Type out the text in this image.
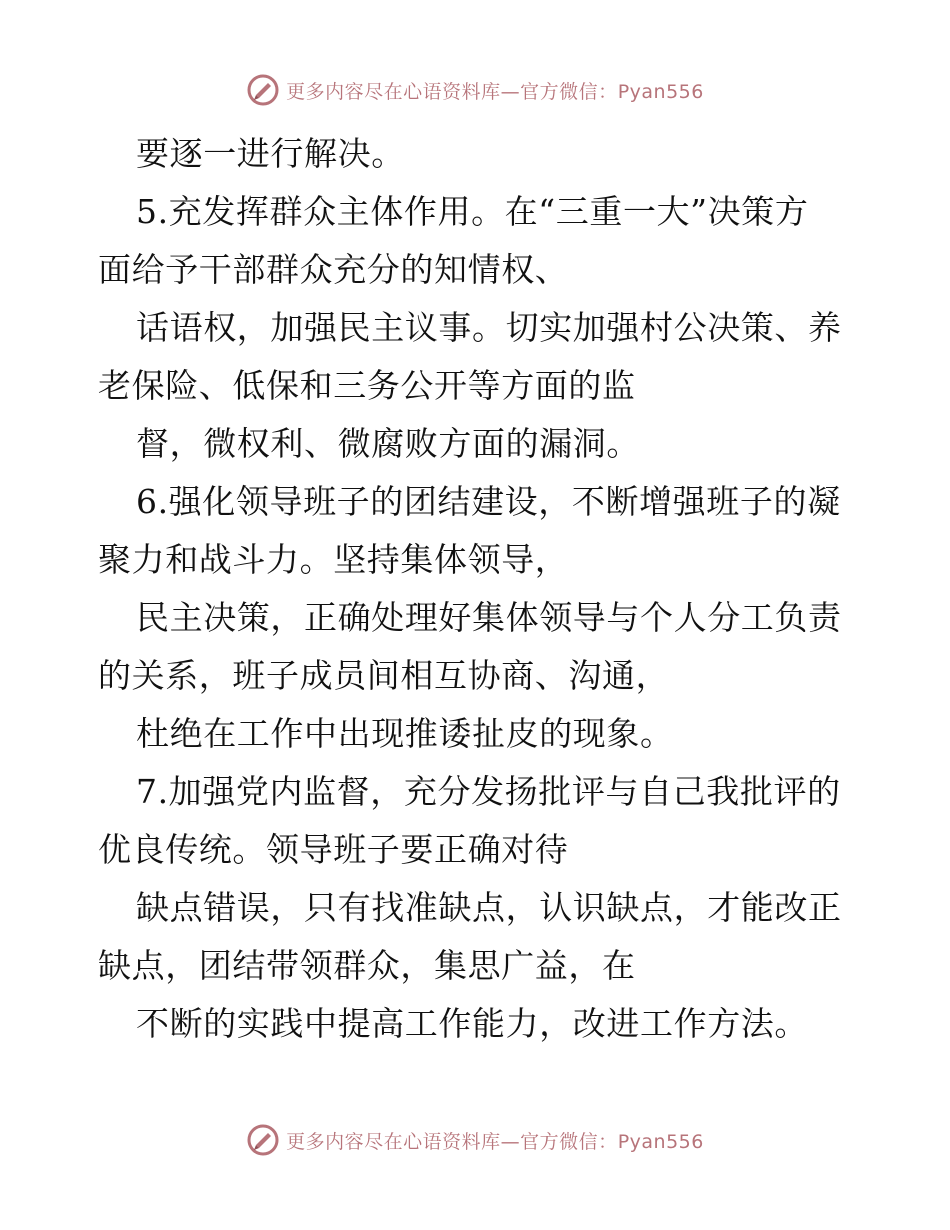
更多内容尽在心语资料库—官方微信：Pyan556
要逐一进行解决。
5.充发挥群众主体作用。在“三重一大”决策方
面给予干部群众充分的知情权、
话语权，加强民主议事。切实加强村公决策、养
老保险、低保和三务公开等方面的监
督，微权利、微腐败方面的漏洞。
6.强化领导班子的团结建设，不断增强班子的凝
聚力和战斗力。坚持集体领导，
民主决策，正确处理好集体领导与个人分工负责
的关系，班子成员间相互协商、沟通，
杜绝在工作中出现推诿扯皮的现象。
7.加强党内监督，充分发扬批评与自己我批评的
优良传统。领导班子要正确对待
缺点错误，只有找准缺点，认识缺点，才能改正
缺点，团结带领群众，集思广益，在
不断的实践中提高工作能力，改进工作方法。
更多内容尽在心语资料库—官方微信：Pyan556
